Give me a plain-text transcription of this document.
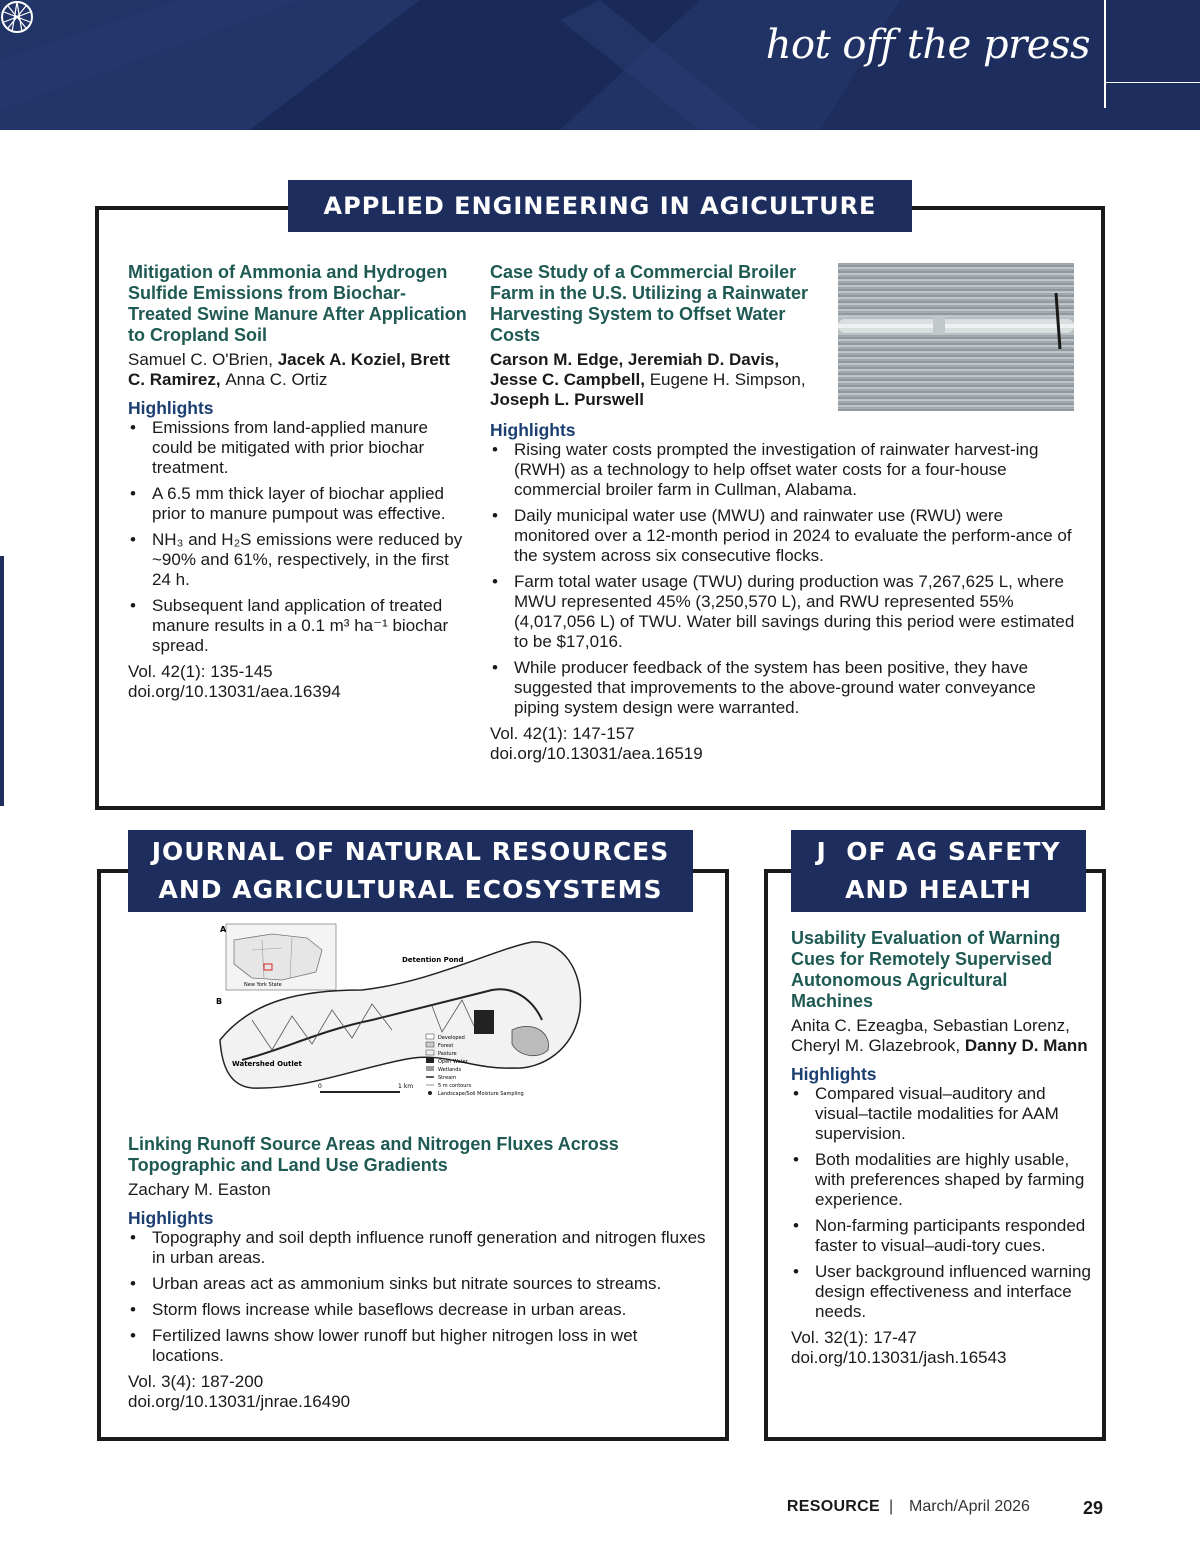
hot off the press
APPLIED ENGINEERING IN AGICULTURE
Mitigation of Ammonia and Hydrogen Sulfide Emissions from Biochar-Treated Swine Manure After Application to Cropland Soil
Samuel C. O'Brien, Jacek A. Koziel, Brett C. Ramirez, Anna C. Ortiz
Highlights
• Emissions from land-applied manure could be mitigated with prior biochar treatment.
• A 6.5 mm thick layer of biochar applied prior to manure pumpout was effective.
• NH₃ and H₂S emissions were reduced by ~90% and 61%, respectively, in the first 24 h.
• Subsequent land application of treated manure results in a 0.1 m³ ha⁻¹ biochar spread.
Vol. 42(1): 135-145
doi.org/10.13031/aea.16394
Case Study of a Commercial Broiler Farm in the U.S. Utilizing a Rainwater Harvesting System to Offset Water Costs
Carson M. Edge, Jeremiah D. Davis, Jesse C. Campbell, Eugene H. Simpson, Joseph L. Purswell
Highlights
• Rising water costs prompted the investigation of rainwater harvest-ing (RWH) as a technology to help offset water costs for a four-house commercial broiler farm in Cullman, Alabama.
• Daily municipal water use (MWU) and rainwater use (RWU) were monitored over a 12-month period in 2024 to evaluate the perform-ance of the system across six consecutive flocks.
• Farm total water usage (TWU) during production was 7,267,625 L, where MWU represented 45% (3,250,570 L), and RWU represented 55% (4,017,056 L) of TWU. Water bill savings during this period were estimated to be $17,016.
• While producer feedback of the system has been positive, they have suggested that improvements to the above-ground water conveyance piping system design were warranted.
Vol. 42(1): 147-157
doi.org/10.13031/aea.16519
JOURNAL OF NATURAL RESOURCES
AND AGRICULTURAL ECOSYSTEMS
A
New York State
B
Detention Pond
Watershed Outlet
0	1 km
Developed
Forest
Pasture
Open Water
Wetlands
Stream
5 m contours
Landscape/Soil Moisture Sampling
Linking Runoff Source Areas and Nitrogen Fluxes Across Topographic and Land Use Gradients
Zachary M. Easton
Highlights
• Topography and soil depth influence runoff generation and nitrogen fluxes in urban areas.
• Urban areas act as ammonium sinks but nitrate sources to streams.
• Storm flows increase while baseflows decrease in urban areas.
• Fertilized lawns show lower runoff but higher nitrogen loss in wet locations.
Vol. 3(4): 187-200
doi.org/10.13031/jnrae.16490
J  OF AG SAFETY
AND HEALTH
Usability Evaluation of Warning Cues for Remotely Supervised Autonomous Agricultural Machines
Anita C. Ezeagba, Sebastian Lorenz, Cheryl M. Glazebrook, Danny D. Mann
Highlights
• Compared visual–auditory and visual–tactile modalities for AAM supervision.
• Both modalities are highly usable, with preferences shaped by farming experience.
• Non-farming participants responded faster to visual–audi-tory cues.
• User background influenced warning design effectiveness and interface needs.
Vol. 32(1): 17-47
doi.org/10.13031/jash.16543
RESOURCE | March/April 2026	29
